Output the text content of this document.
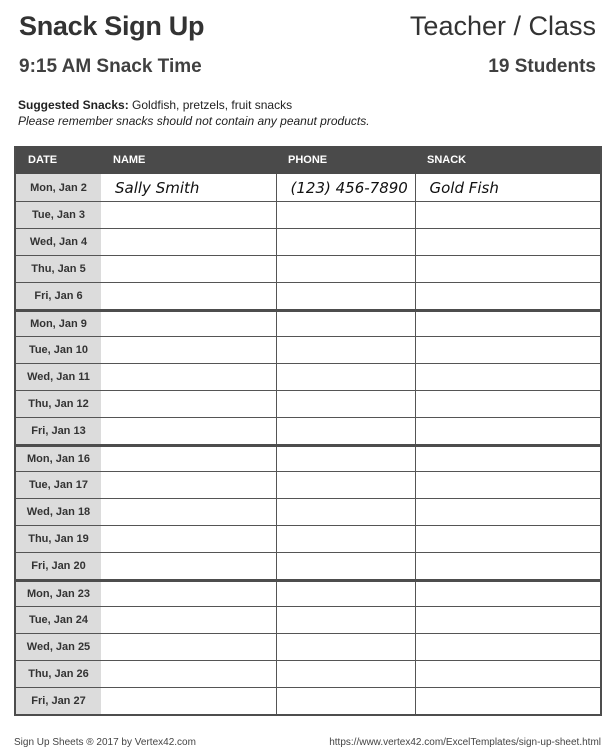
Snack Sign Up	Teacher / Class
9:15 AM Snack Time	19 Students
Suggested Snacks: Goldfish, pretzels, fruit snacks
Please remember snacks should not contain any peanut products.
DATE	NAME	PHONE	SNACK
Mon, Jan 2	Sally Smith	(123) 456-7890	Gold Fish
Tue, Jan 3			
Wed, Jan 4			
Thu, Jan 5			
Fri, Jan 6			
Mon, Jan 9			
Tue, Jan 10			
Wed, Jan 11			
Thu, Jan 12			
Fri, Jan 13			
Mon, Jan 16			
Tue, Jan 17			
Wed, Jan 18			
Thu, Jan 19			
Fri, Jan 20			
Mon, Jan 23			
Tue, Jan 24			
Wed, Jan 25			
Thu, Jan 26			
Fri, Jan 27			
Sign Up Sheets ® 2017 by Vertex42.com	https://www.vertex42.com/ExcelTemplates/sign-up-sheet.html
